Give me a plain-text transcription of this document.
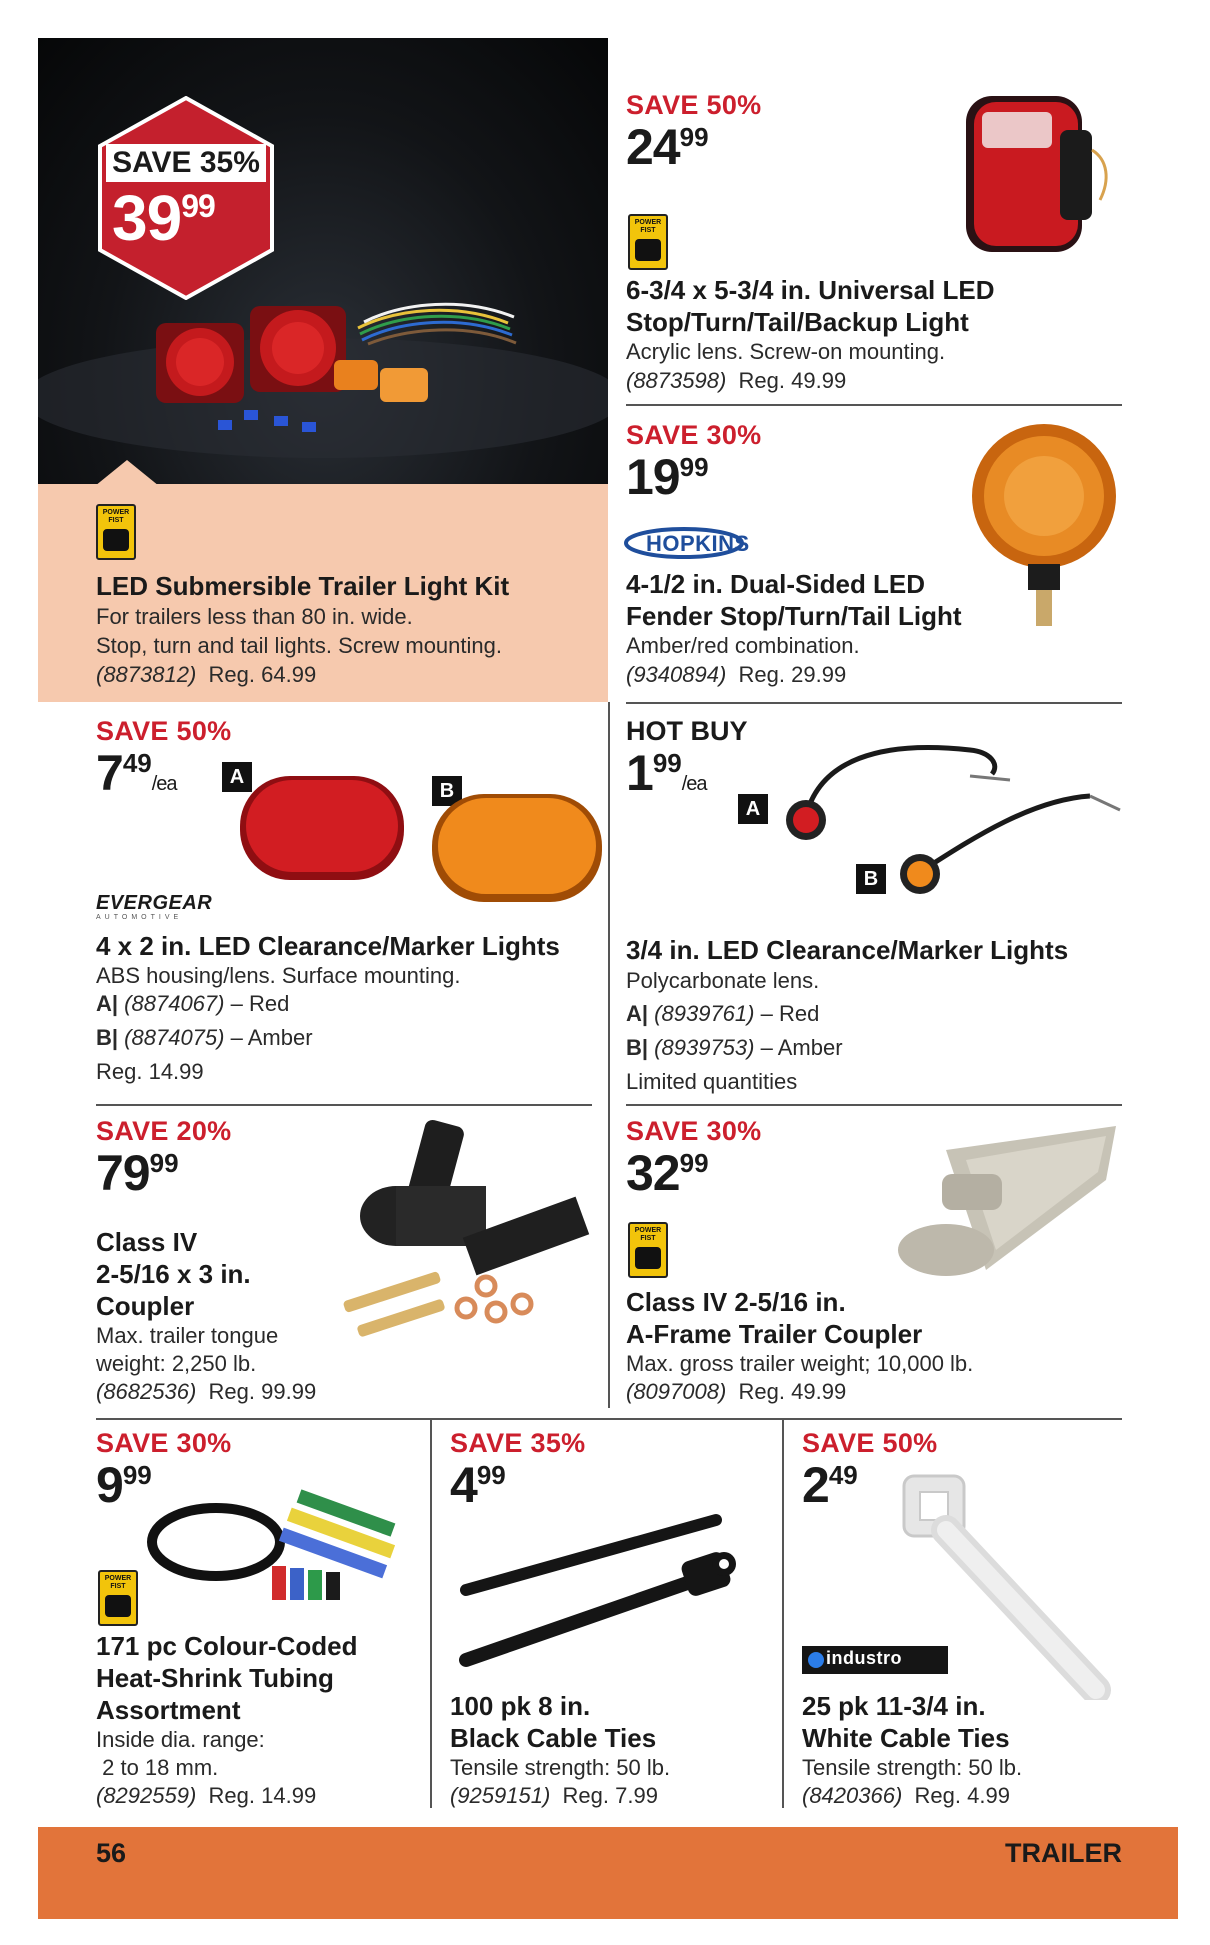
SAVE 35%
$39^{99}$
POWER FIST
LED Submersible Trailer Light Kit
For trailers less than 80 in. wide.
Stop, turn and tail lights. Screw mounting.
(8873812) Reg. 64.99
SAVE 50%
$24^{99}$
POWER FIST
6-3/4 x 5-3/4 in. Universal LED
Stop/Turn/Tail/Backup Light
Acrylic lens. Screw-on mounting.
(8873598) Reg. 49.99
SAVE 30%
$19^{99}$
HOPKINS
4-1/2 in. Dual-Sided LED
Fender Stop/Turn/Tail Light
Amber/red combination.
(9340894) Reg. 29.99
SAVE 50%
$7^{49}/ea$	A
B
EVERGEAR
AUTOMOTIVE
4 x 2 in. LED Clearance/Marker Lights
ABS housing/lens. Surface mounting.
A| (8874067) – Red
B| (8874075) – Amber
Reg. 14.99
HOT BUY
$1^{99}/ea$
A
B
3/4 in. LED Clearance/Marker Lights
Polycarbonate lens.
A| (8939761) – Red
B| (8939753) – Amber
Limited quantities
SAVE 20%
$79^{99}$
Class IV
2-5/16 x 3 in.
Coupler
Max. trailer tongue
weight: 2,250 lb.
(8682536) Reg. 99.99
SAVE 30%
$32^{99}$
POWER FIST
Class IV 2-5/16 in.
A-Frame Trailer Coupler
Max. gross trailer weight; 10,000 lb.
(8097008) Reg. 49.99
SAVE 30%
$9^{99}$
POWER FIST
171 pc Colour-Coded
Heat-Shrink Tubing
Assortment
Inside dia. range:
2 to 18 mm.
(8292559) Reg. 14.99
SAVE 35%
$4^{99}$
100 pk 8 in.
Black Cable Ties
Tensile strength: 50 lb.
(9259151) Reg. 7.99
SAVE 50%
$2^{49}$
industro
25 pk 11-3/4 in.
White Cable Ties
Tensile strength: 50 lb.
(8420366) Reg. 4.99
56	TRAILER
